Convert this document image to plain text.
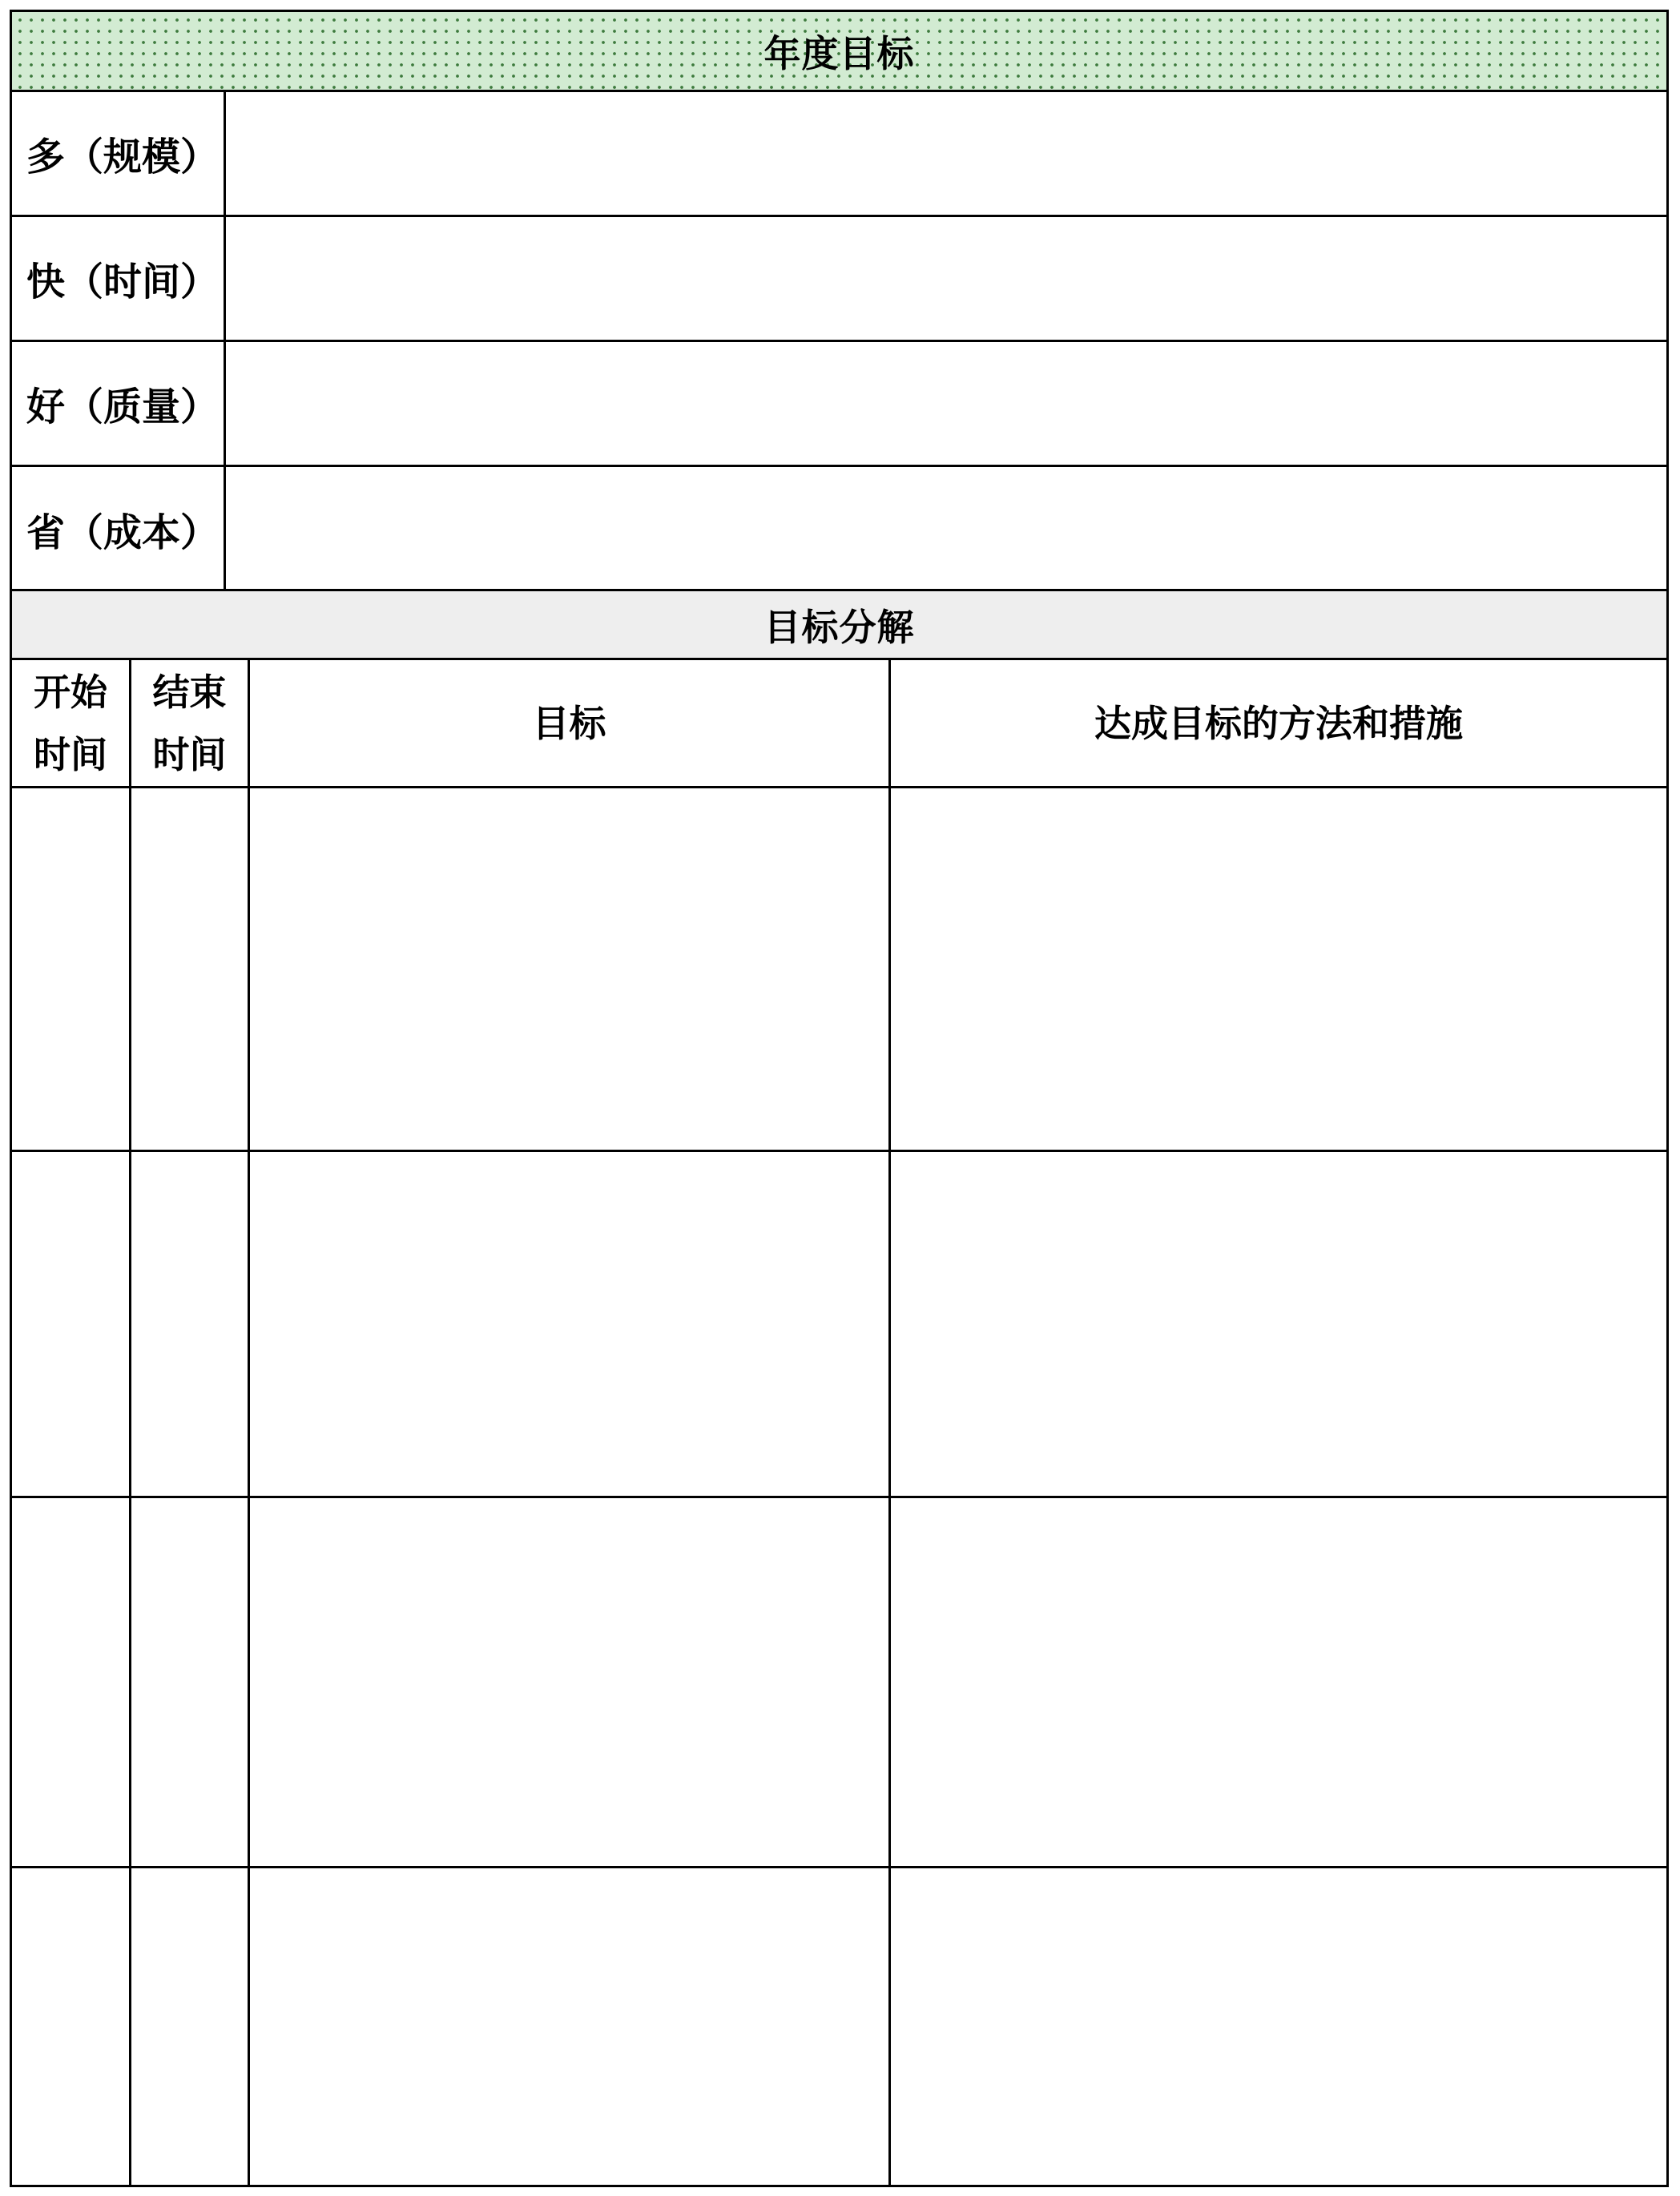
年度目标
多（规模）
快（时间）
好（质量）
省（成本）
目标分解
开始
时间
结束
时间
目标	达成目标的方法和措施
